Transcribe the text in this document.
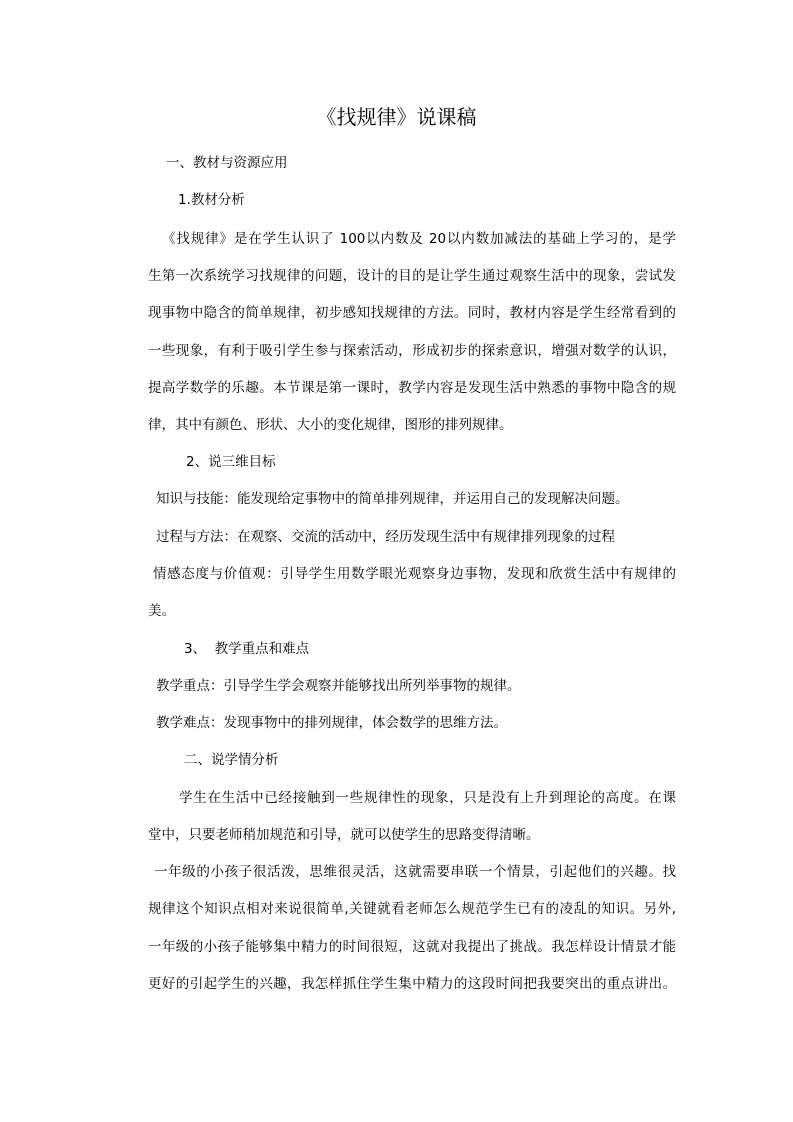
《找规律》说课稿

一、教材与资源应用

1.教材分析

《找规律》是在学生认识了 100以内数及 20以内数加减法的基础上学习的，是学

生第一次系统学习找规律的问题，设计的目的是让学生通过观察生活中的现象，尝试发

现事物中隐含的简单规律，初步感知找规律的方法。同时，教材内容是学生经常看到的

一些现象，有利于吸引学生参与探索活动，形成初步的探索意识，增强对数学的认识，

提高学数学的乐趣。本节课是第一课时，教学内容是发现生活中熟悉的事物中隐含的规

律，其中有颜色、形状、大小的变化规律，图形的排列规律。

2、说三维目标

知识与技能：能发现给定事物中的简单排列规律，并运用自己的发现解决问题。

过程与方法：在观察、交流的活动中，经历发现生活中有规律排列现象的过程

情感态度与价值观：引导学生用数学眼光观察身边事物，发现和欣赏生活中有规律的

美。

3、  教学重点和难点

教学重点：引导学生学会观察并能够找出所列举事物的规律。

教学难点：发现事物中的排列规律，体会数学的思维方法。

二、说学情分析

学生在生活中已经接触到一些规律性的现象，只是没有上升到理论的高度。在课

堂中，只要老师稍加规范和引导，就可以使学生的思路变得清晰。

一年级的小孩子很活泼，思维很灵活，这就需要串联一个情景，引起他们的兴趣。找

规律这个知识点相对来说很简单,关键就看老师怎么规范学生已有的凌乱的知识。另外,

一年级的小孩子能够集中精力的时间很短，这就对我提出了挑战。我怎样设计情景才能

更好的引起学生的兴趣，我怎样抓住学生集中精力的这段时间把我要突出的重点讲出。
